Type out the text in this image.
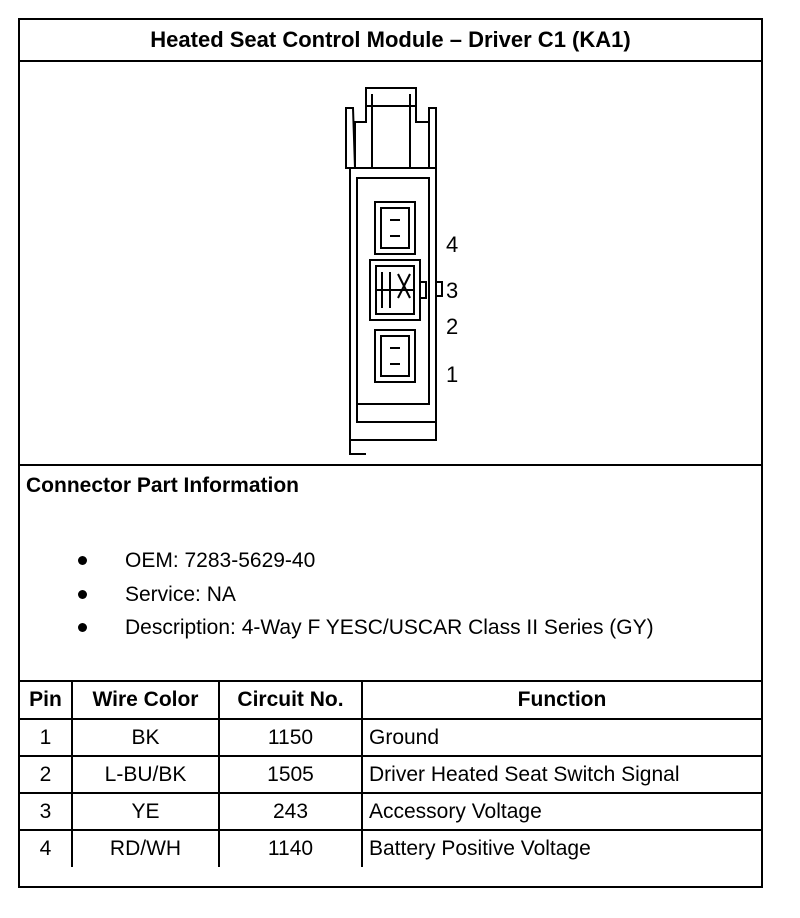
Heated Seat Control Module – Driver C1 (KA1)
4
3
2
1
Connector Part Information
OEM: 7283-5629-40
Service: NA
Description: 4-Way F YESC/USCAR Class II Series (GY)
Pin	Wire Color	Circuit No.	Function
1	BK	1150	Ground
2	L-BU/BK	1505	Driver Heated Seat Switch Signal
3	YE	243	Accessory Voltage
4	RD/WH	1140	Battery Positive Voltage
